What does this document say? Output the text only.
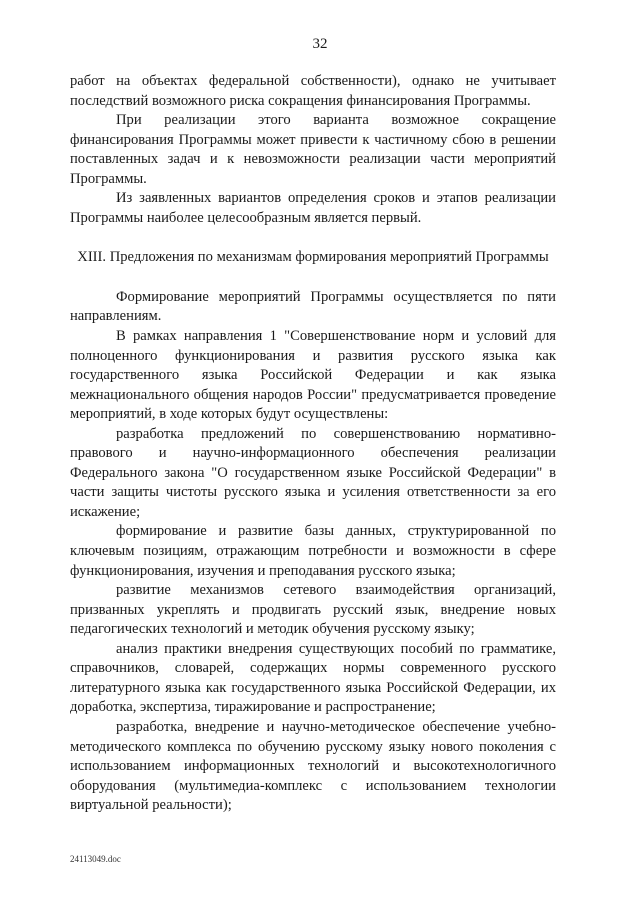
32

работ на объектах федеральной собственности), однако не учитывает последствий возможного риска сокращения финансирования Программы.

При реализации этого варианта возможное сокращение финансирования Программы может привести к частичному сбою в решении поставленных задач и к невозможности реализации части мероприятий Программы.

Из заявленных вариантов определения сроков и этапов реализации Программы наиболее целесообразным является первый.

XIII. Предложения по механизмам формирования мероприятий Программы

Формирование мероприятий Программы осуществляется по пяти направлениям.

В рамках направления 1 "Совершенствование норм и условий для полноценного функционирования и развития русского языка как государственного языка Российской Федерации и как языка межнационального общения народов России" предусматривается проведение мероприятий, в ходе которых будут осуществлены:

разработка предложений по совершенствованию нормативно-правового и научно-информационного обеспечения реализации Федерального закона "О государственном языке Российской Федерации" в части защиты чистоты русского языка и усиления ответственности за его искажение;

формирование и развитие базы данных, структурированной по ключевым позициям, отражающим потребности и возможности в сфере функционирования, изучения и преподавания русского языка;

развитие механизмов сетевого взаимодействия организаций, призванных укреплять и продвигать русский язык, внедрение новых педагогических технологий и методик обучения русскому языку;

анализ практики внедрения существующих пособий по грамматике, справочников, словарей, содержащих нормы современного русского литературного языка как государственного языка Российской Федерации, их доработка, экспертиза, тиражирование и распространение;

разработка, внедрение и научно-методическое обеспечение учебно-методического комплекса по обучению русскому языку нового поколения с использованием информационных технологий и высокотехнологичного оборудования (мультимедиа-комплекс с использованием технологии виртуальной реальности);

24113049.doc
